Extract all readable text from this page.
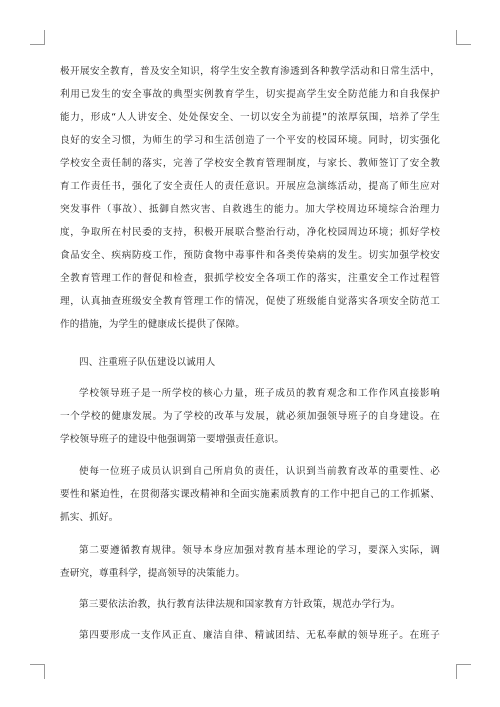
极开展安全教育，普及安全知识，将学生安全教育渗透到各种教学活动和日常生活中，
利用已发生的安全事故的典型实例教育学生，切实提高学生安全防范能力和自我保护
能力，形成“人人讲安全、处处保安全、一切以安全为前提”的浓厚氛围，培养了学生
良好的安全习惯，为师生的学习和生活创造了一个平安的校园环境。同时，切实强化
学校安全责任制的落实，完善了学校安全教育管理制度，与家长、教师签订了安全教
育工作责任书，强化了安全责任人的责任意识。开展应急演练活动，提高了师生应对
突发事件（事故）、抵御自然灾害、自救逃生的能力。加大学校周边环境综合治理力
度，争取所在村民委的支持，积极开展联合整治行动，净化校园周边环境；抓好学校
食品安全、疾病防疫工作，预防食物中毒事件和各类传染病的发生。切实加强学校安
全教育管理工作的督促和检查，狠抓学校安全各项工作的落实，注重安全工作过程管
理，认真抽查班级安全教育管理工作的情况，促使了班级能自觉落实各项安全防范工
作的措施，为学生的健康成长提供了保障。
四、注重班子队伍建设以诚用人
学校领导班子是一所学校的核心力量，班子成员的教育观念和工作作风直接影响
一个学校的健康发展。为了学校的改革与发展，就必须加强领导班子的自身建设。在
学校领导班子的建设中他强调第一要增强责任意识。
使每一位班子成员认识到自己所肩负的责任，认识到当前教育改革的重要性、必
要性和紧迫性，在贯彻落实课改精神和全面实施素质教育的工作中把自己的工作抓紧、
抓实、抓好。
第二要遵循教育规律。领导本身应加强对教育基本理论的学习，要深入实际，调
查研究，尊重科学，提高领导的决策能力。
第三要依法治教，执行教育法律法规和国家教育方针政策，规范办学行为。
第四要形成一支作风正直、廉洁自律、精诚团结、无私奉献的领导班子。在班子
